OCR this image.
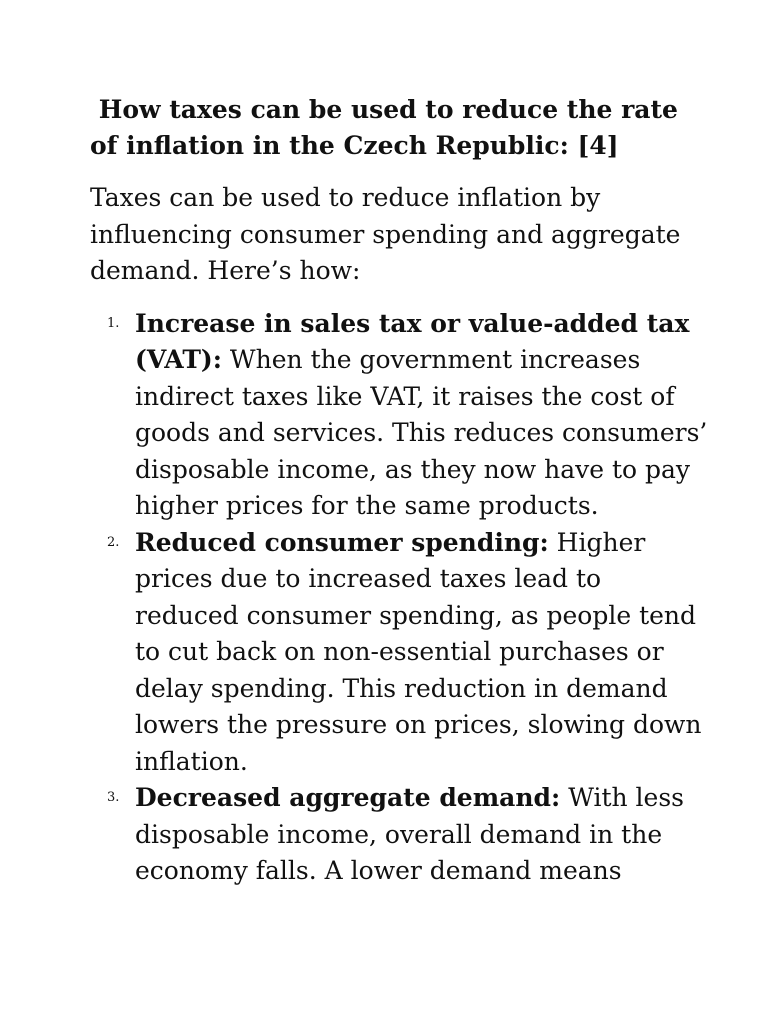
How taxes can be used to reduce the rate of inflation in the Czech Republic: [4]

Taxes can be used to reduce inflation by influencing consumer spending and aggregate demand. Here’s how:

1. Increase in sales tax or value-added tax (VAT): When the government increases indirect taxes like VAT, it raises the cost of goods and services. This reduces consumers’ disposable income, as they now have to pay higher prices for the same products.
2. Reduced consumer spending: Higher prices due to increased taxes lead to reduced consumer spending, as people tend to cut back on non-essential purchases or delay spending. This reduction in demand lowers the pressure on prices, slowing down inflation.
3. Decreased aggregate demand: With less disposable income, overall demand in the economy falls. A lower demand means
